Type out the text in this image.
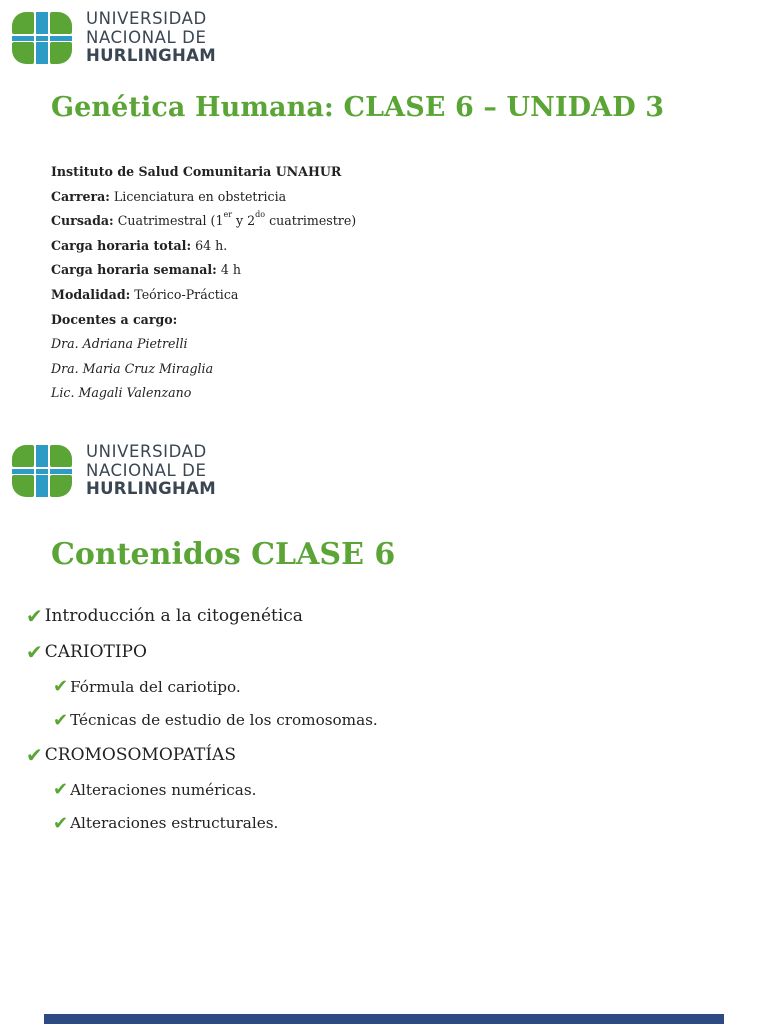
UNIVERSIDAD
NACIONAL DE
HURLINGHAM
Genética Humana: CLASE 6 – UNIDAD 3
Instituto de Salud Comunitaria UNAHUR
Carrera: Licenciatura en obstetricia
Cursada: Cuatrimestral (1er y $2^{do}$ cuatrimestre)
Carga horaria total: 64 h.
Carga horaria semanal: 4 h
Modalidad: Teórico-Práctica
Docentes a cargo:
Dra. Adriana Pietrelli
Dra. Maria Cruz Miraglia
Lic. Magali Valenzano
UNIVERSIDAD
NACIONAL DE
HURLINGHAM
Contenidos CLASE 6
✔ Introducción a la citogenética
✔ CARIOTIPO
✔ Fórmula del cariotipo.
✔ Técnicas de estudio de los cromosomas.
✔ CROMOSOMOPATÍAS
✔ Alteraciones numéricas.
✔ Alteraciones estructurales.
